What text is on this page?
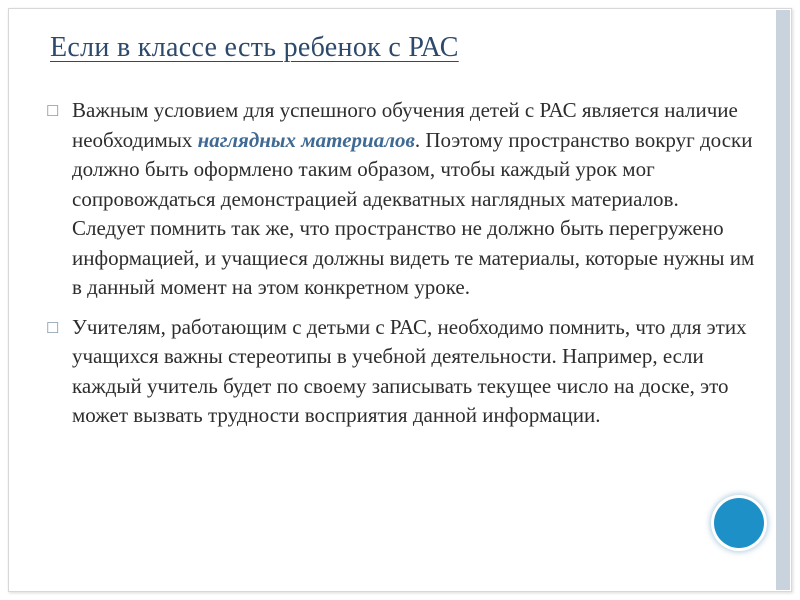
Если в классе есть ребенок с РАС
☐ Важным условием для успешного обучения детей с РАС является наличие необходимых наглядных материалов. Поэтому пространство вокруг доски должно быть оформлено таким образом, чтобы каждый урок мог сопровождаться демонстрацией адекватных наглядных материалов. Следует помнить так же, что пространство не должно быть перегружено информацией, и учащиеся должны видеть те материалы, которые нужны им в данный момент на этом конкретном уроке.
☐ Учителям, работающим с детьми с РАС, необходимо помнить, что для этих учащихся важны стереотипы в учебной деятельности. Например, если каждый учитель будет по своему записывать текущее число на доске, это может вызвать трудности восприятия данной информации.
